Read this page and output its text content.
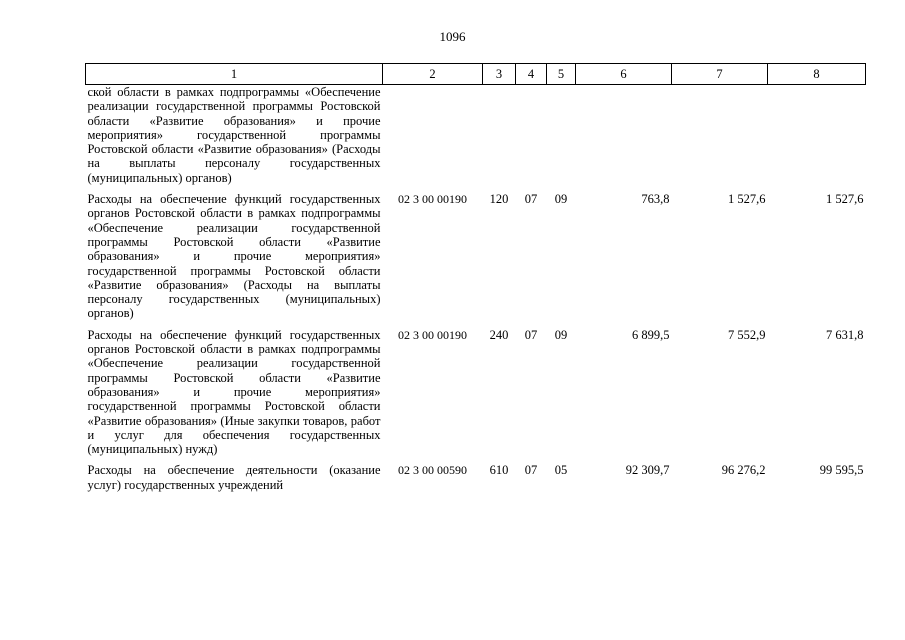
1096
1	2	3	4	5	6	7	8
ской области в рамках подпрограммы «Обеспечение реализации государственной программы Ростовской области «Развитие образования» и прочие мероприятия» государственной программы Ростовской области «Развитие образования» (Расходы на выплаты персоналу государственных (муниципальных) органов)							
Расходы на обеспечение функций государственных органов Ростовской области в рамках подпрограммы «Обеспечение реализации государственной программы Ростовской области «Развитие образования» и прочие мероприятия» государственной программы Ростовской области «Развитие образования» (Расходы на выплаты персоналу государственных (муниципальных) органов)	02 3 00 00190	120	07	09	763,8	1 527,6	1 527,6
Расходы на обеспечение функций государственных органов Ростовской области в рамках подпрограммы «Обеспечение реализации государственной программы Ростовской области «Развитие образования» и прочие мероприятия» государственной программы Ростовской области «Развитие образования» (Иные закупки товаров, работ и услуг для обеспечения государственных (муниципальных) нужд)	02 3 00 00190	240	07	09	6 899,5	7 552,9	7 631,8
Расходы на обеспечение деятельности (оказание услуг) государственных учреждений	02 3 00 00590	610	07	05	92 309,7	96 276,2	99 595,5
